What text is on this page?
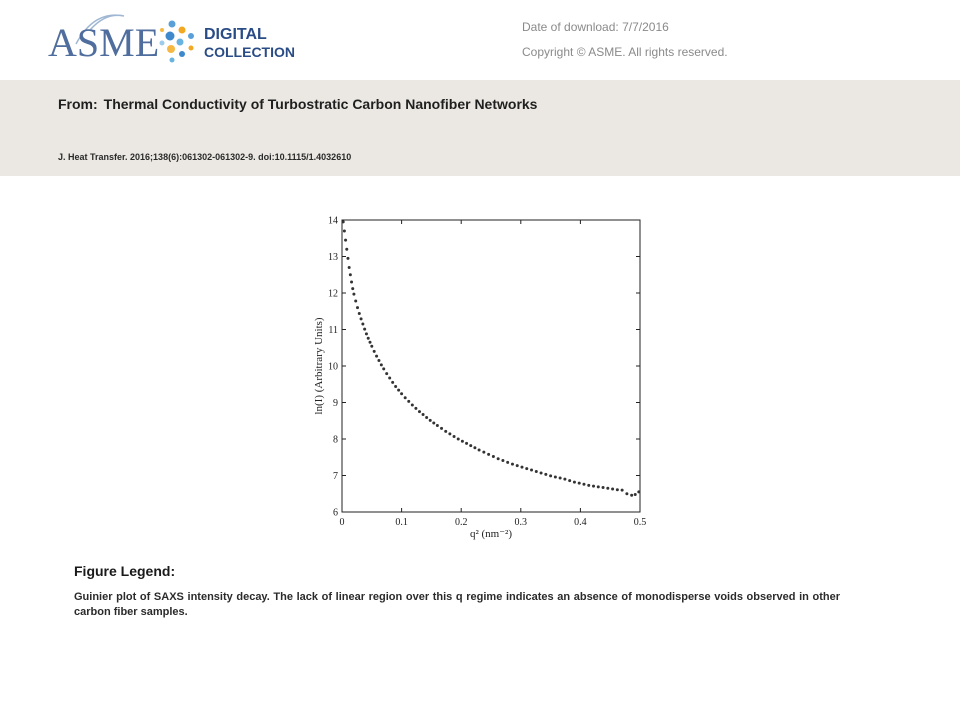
ASME	DIGITAL
COLLECTION
Date of download: 7/7/2016
Copyright © ASME. All rights reserved.
From: Thermal Conductivity of Turbostratic Carbon Nanofiber Networks
J. Heat Transfer. 2016;138(6):061302-061302-9. doi:10.1115/1.4032610
0	0.1	0.2	0.3	0.4	0.5
6
7
8
9
10
11
12
13
14
q² (nm⁻²)
ln(I) (Arbitrary Units)
Figure Legend:
Guinier plot of SAXS intensity decay. The lack of linear region over this q regime indicates an absence of monodisperse voids observed in other carbon fiber samples.
